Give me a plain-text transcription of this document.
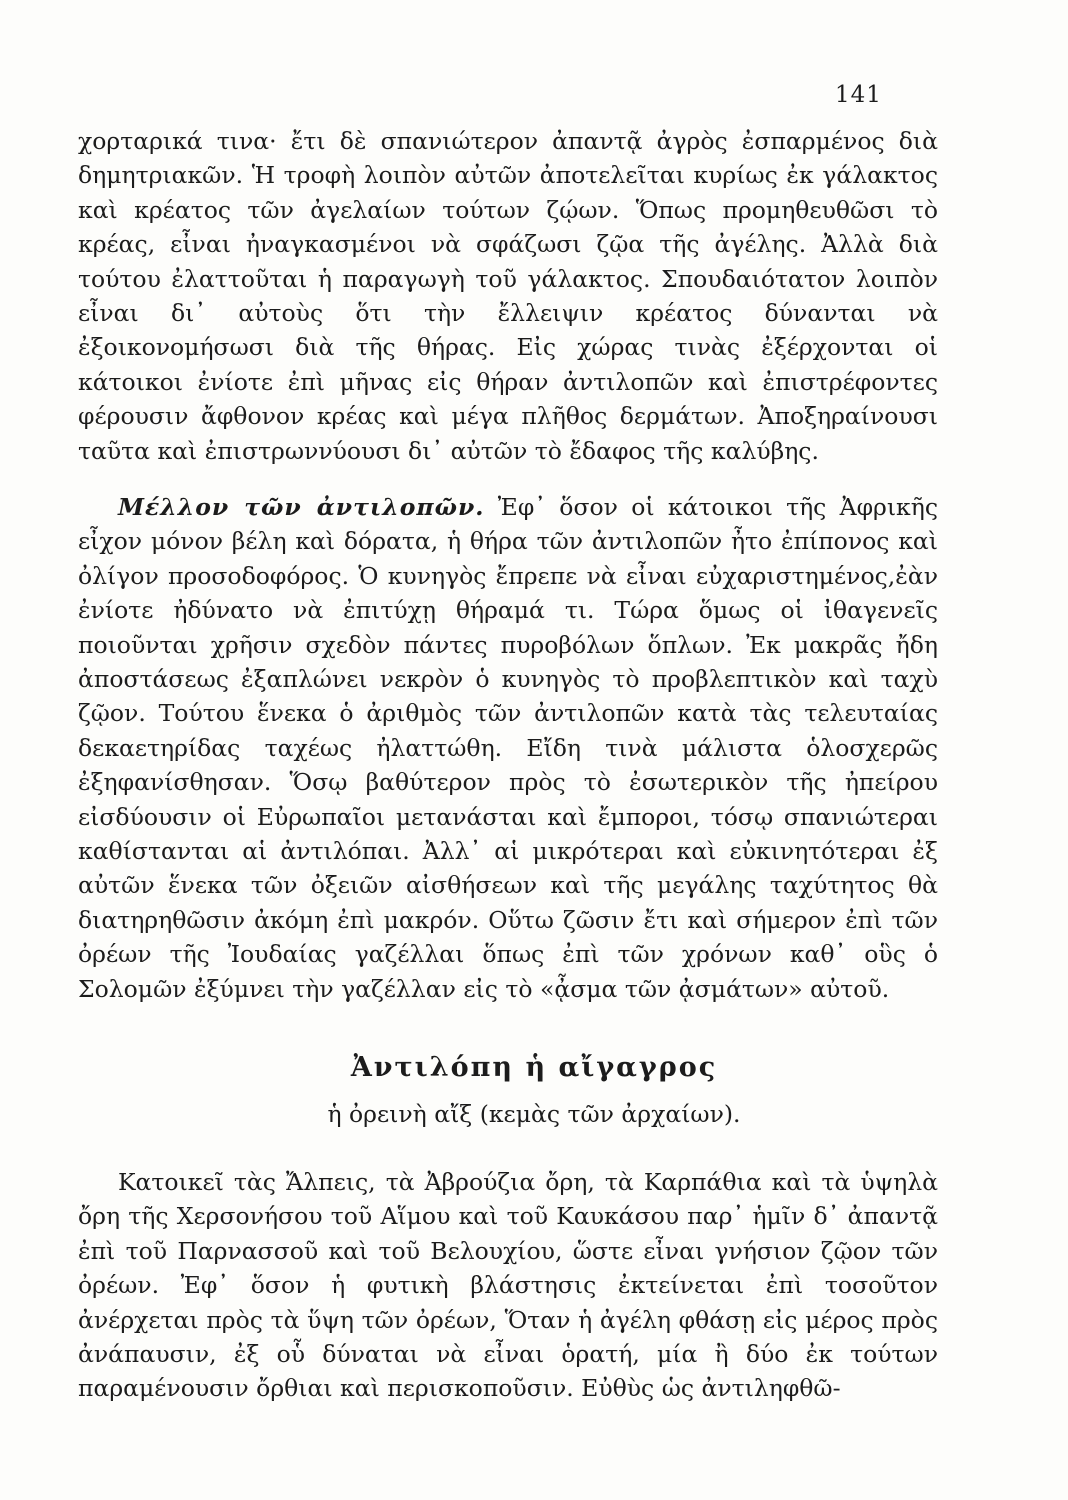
141

χορταρικά τινα· ἔτι δὲ σπανιώτερον ἀπαντᾷ ἀγρὸς ἐσπαρμένος διὰ δημητριακῶν. Ἡ τροφὴ λοιπὸν αὐτῶν ἀποτελεῖται κυρίως ἐκ γάλακτος καὶ κρέατος τῶν ἀγελαίων τούτων ζῴων. Ὅπως προμηθευθῶσι τὸ κρέας, εἶναι ἠναγκασμένοι νὰ σφάζωσι ζῷα τῆς ἀγέλης. Ἀλλὰ διὰ τούτου ἐλαττοῦται ἡ παραγωγὴ τοῦ γάλακτος. Σπουδαιότατον λοιπὸν εἶναι δι᾿ αὐτοὺς ὅτι τὴν ἔλλειψιν κρέατος δύνανται νὰ ἐξοικονομήσωσι διὰ τῆς θήρας. Εἰς χώρας τινὰς ἐξέρχονται οἱ κάτοικοι ἐνίοτε ἐπὶ μῆνας εἰς θήραν ἀντιλοπῶν καὶ ἐπιστρέφοντες φέρουσιν ἄφθονον κρέας καὶ μέγα πλῆθος δερμάτων. Ἀποξηραίνουσι ταῦτα καὶ ἐπιστρωννύουσι δι᾿ αὐτῶν τὸ ἔδαφος τῆς καλύβης.

Μέλλον τῶν ἀντιλοπῶν. Ἐφ᾿ ὅσον οἱ κάτοικοι τῆς Ἀφρικῆς εἶχον μόνον βέλη καὶ δόρατα, ἡ θήρα τῶν ἀντιλοπῶν ἦτο ἐπίπονος καὶ ὀλίγον προσοδοφόρος. Ὁ κυνηγὸς ἔπρεπε νὰ εἶναι εὐχαριστημένος,ἐὰν ἐνίοτε ἠδύνατο νὰ ἐπιτύχῃ θήραμά τι. Τώρα ὅμως οἱ ἰθαγενεῖς ποιοῦνται χρῆσιν σχεδὸν πάντες πυροβόλων ὅπλων. Ἐκ μακρᾶς ἤδη ἀποστάσεως ἐξαπλώνει νεκρὸν ὁ κυνηγὸς τὸ προβλεπτικὸν καὶ ταχὺ ζῷον. Τούτου ἕνεκα ὁ ἀριθμὸς τῶν ἀντιλοπῶν κατὰ τὰς τελευταίας δεκαετηρίδας ταχέως ἠλαττώθη. Εἴδη τινὰ μάλιστα ὁλοσχερῶς ἐξηφανίσθησαν. Ὅσῳ βαθύτερον πρὸς τὸ ἐσωτερικὸν τῆς ἠπείρου εἰσδύουσιν οἱ Εὐρωπαῖοι μετανάσται καὶ ἔμποροι, τόσῳ σπανιώτεραι καθίστανται αἱ ἀντιλόπαι. Ἀλλ᾿ αἱ μικρότεραι καὶ εὐκινητότεραι ἐξ αὐτῶν ἕνεκα τῶν ὀξειῶν αἰσθήσεων καὶ τῆς μεγάλης ταχύτητος θὰ διατηρηθῶσιν ἀκόμη ἐπὶ μακρόν. Οὕτω ζῶσιν ἔτι καὶ σήμερον ἐπὶ τῶν ὀρέων τῆς Ἰουδαίας γαζέλλαι ὅπως ἐπὶ τῶν χρόνων καθ᾿ οὓς ὁ Σολομῶν ἐξύμνει τὴν γαζέλλαν εἰς τὸ «ᾆσμα τῶν ᾀσμάτων» αὐτοῦ.

Ἀντιλόπη ἡ αἴγαγρος

ἡ ὀρεινὴ αἴξ (κεμὰς τῶν ἀρχαίων).

Κατοικεῖ τὰς Ἄλπεις, τὰ Ἀβρούζια ὄρη, τὰ Καρπάθια καὶ τὰ ὑψηλὰ ὄρη τῆς Χερσονήσου τοῦ Αἵμου καὶ τοῦ Καυκάσου παρ᾿ ἡμῖν δ᾿ ἀπαντᾷ ἐπὶ τοῦ Παρνασσοῦ καὶ τοῦ Βελουχίου, ὥστε εἶναι γνήσιον ζῷον τῶν ὀρέων. Ἐφ᾿ ὅσον ἡ φυτικὴ βλάστησις ἐκτείνεται ἐπὶ τοσοῦτον ἀνέρχεται πρὸς τὰ ὕψη τῶν ὀρέων, Ὅταν ἡ ἀγέλη φθάσῃ εἰς μέρος πρὸς ἀνάπαυσιν, ἐξ οὗ δύναται νὰ εἶναι ὁρατή, μία ἢ δύο ἐκ τούτων παραμένουσιν ὄρθιαι καὶ περισκοποῦσιν. Εὐθὺς ὡς ἀντιληφθῶ-
